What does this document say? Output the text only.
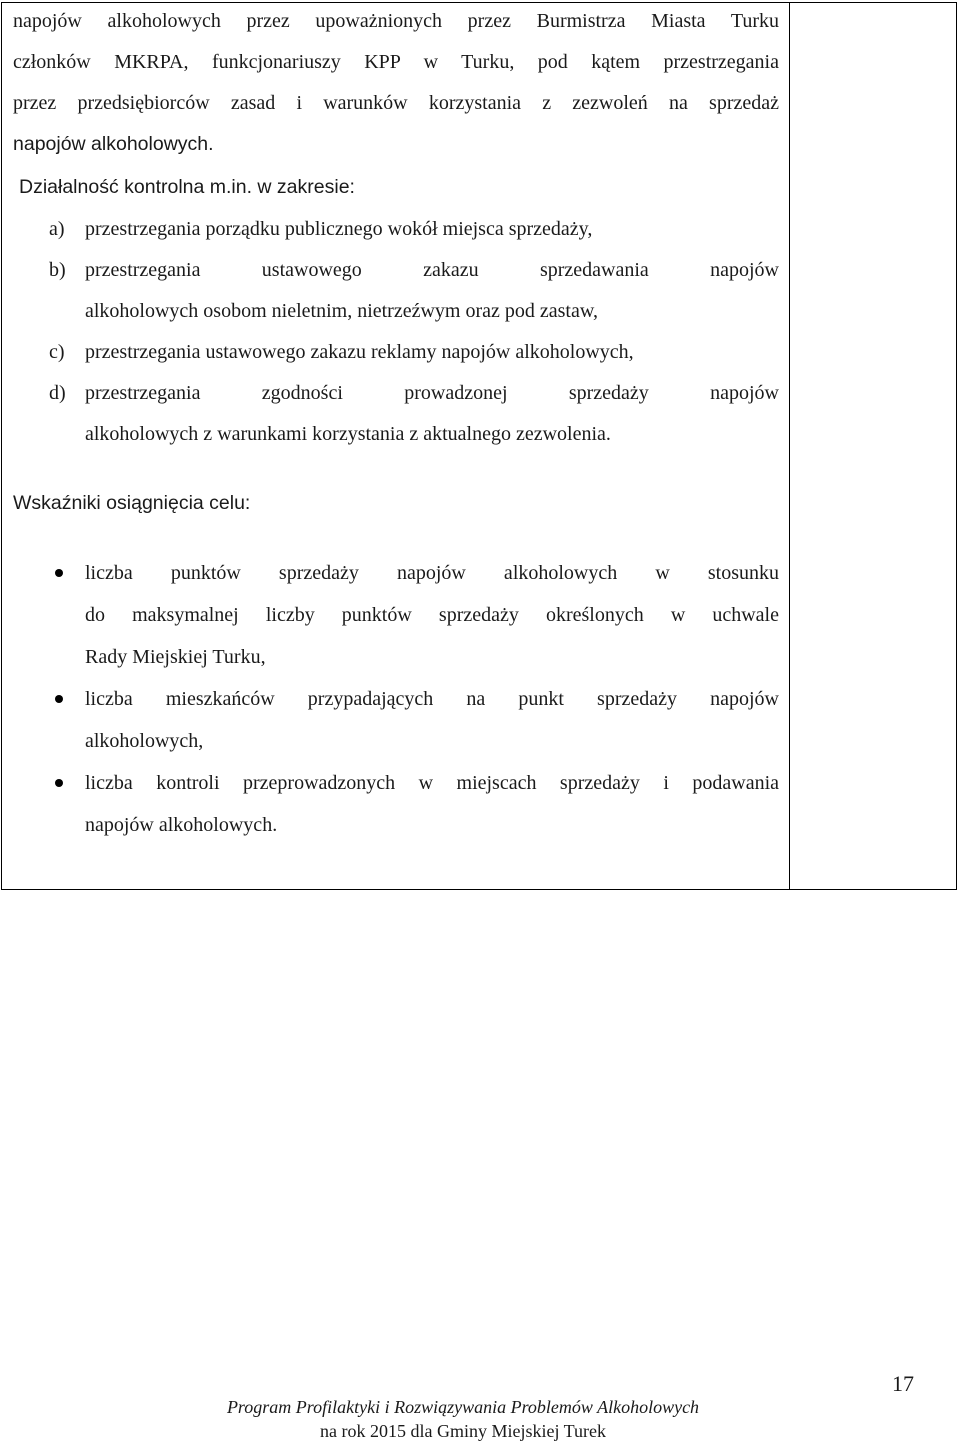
napojów alkoholowych przez upoważnionych przez Burmistrza Miasta Turku
członków MKRPA, funkcjonariuszy KPP w Turku, pod kątem przestrzegania
przez przedsiębiorców zasad i warunków korzystania z zezwoleń na sprzedaż
napojów alkoholowych.
Działalność kontrolna m.in. w zakresie:
a) przestrzegania porządku publicznego wokół miejsca sprzedaży,
b) przestrzegania ustawowego zakazu sprzedawania napojów
alkoholowych osobom nieletnim, nietrzeźwym oraz pod zastaw,
c) przestrzegania ustawowego zakazu reklamy napojów alkoholowych,
d) przestrzegania zgodności prowadzonej sprzedaży napojów
alkoholowych z warunkami korzystania z aktualnego zezwolenia.
Wskaźniki osiągnięcia celu:
liczba punktów sprzedaży napojów alkoholowych w stosunku
do maksymalnej liczby punktów sprzedaży określonych w uchwale
Rady Miejskiej Turku,
liczba mieszkańców przypadających na punkt sprzedaży napojów
alkoholowych,
liczba kontroli przeprowadzonych w miejscach sprzedaży i podawania
napojów alkoholowych.
17
Program Profilaktyki i Rozwiązywania Problemów Alkoholowych
na rok 2015 dla Gminy Miejskiej Turek
